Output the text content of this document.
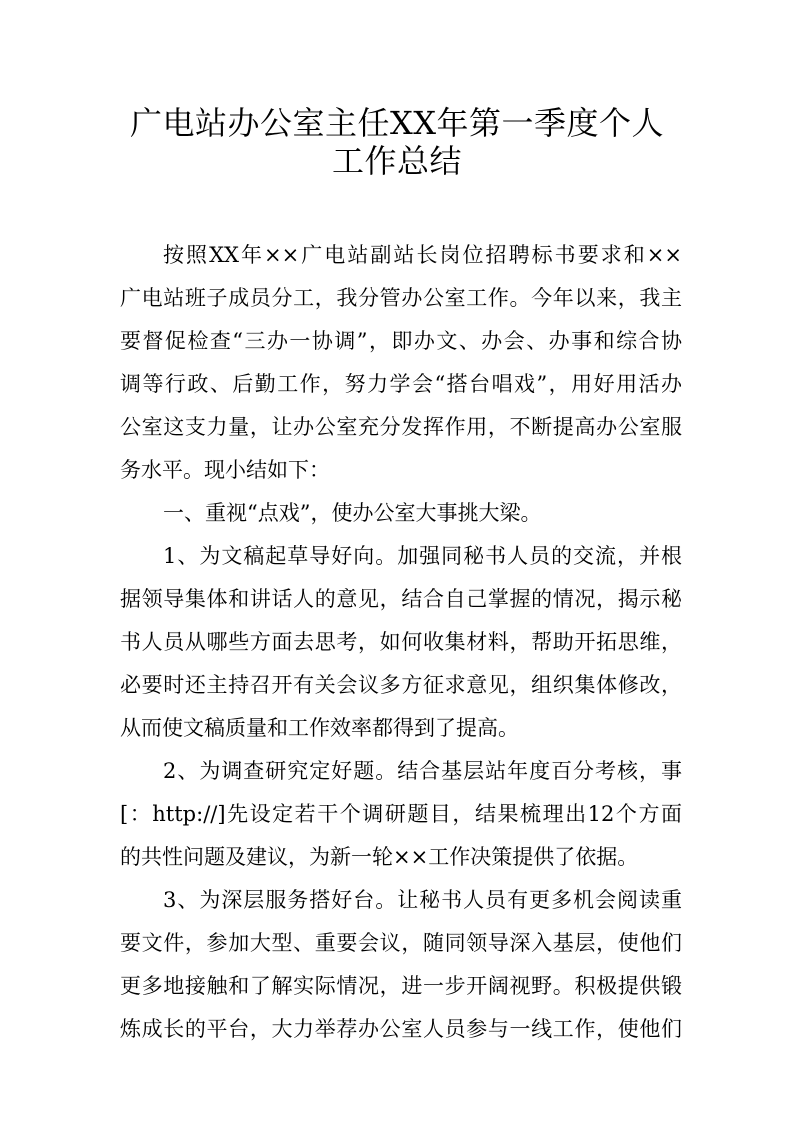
广电站办公室主任XX年第一季度个人
工作总结
按照XX年××广电站副站长岗位招聘标书要求和××
广电站班子成员分工，我分管办公室工作。今年以来，我主
要督促检查“三办一协调”，即办文、办会、办事和综合协
调等行政、后勤工作，努力学会“搭台唱戏”，用好用活办
公室这支力量，让办公室充分发挥作用，不断提高办公室服
务水平。现小结如下：
一、重视“点戏”，使办公室大事挑大梁。
1、为文稿起草导好向。加强同秘书人员的交流，并根
据领导集体和讲话人的意见，结合自己掌握的情况，揭示秘
书人员从哪些方面去思考，如何收集材料，帮助开拓思维，
必要时还主持召开有关会议多方征求意见，组织集体修改，
从而使文稿质量和工作效率都得到了提高。
2、为调查研究定好题。结合基层站年度百分考核，事
[：http://]先设定若干个调研题目，结果梳理出12个方面
的共性问题及建议，为新一轮××工作决策提供了依据。
3、为深层服务搭好台。让秘书人员有更多机会阅读重
要文件，参加大型、重要会议，随同领导深入基层，使他们
更多地接触和了解实际情况，进一步开阔视野。积极提供锻
炼成长的平台，大力举荐办公室人员参与一线工作，使他们
